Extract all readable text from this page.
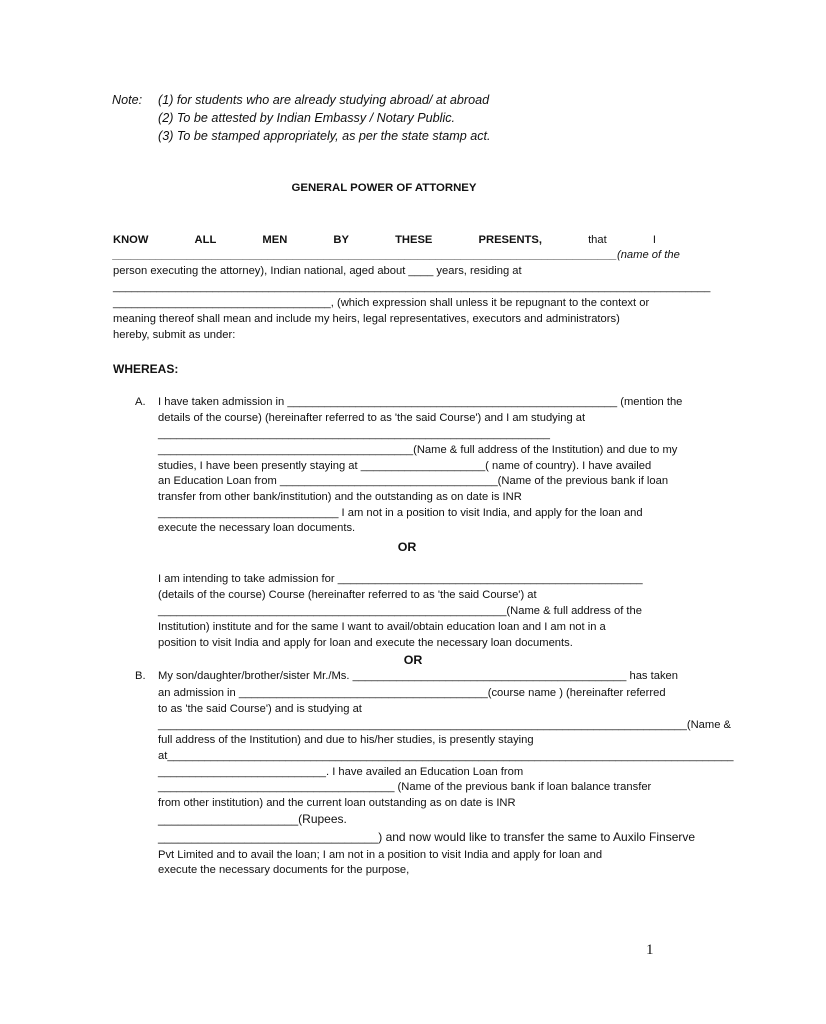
Note: (1) for students who are already studying abroad/ at abroad
(2) To be attested by Indian Embassy / Notary Public.
(3) To be stamped appropriately, as per the state stamp act.
GENERAL POWER OF ATTORNEY
KNOW	ALL	MEN	BY	THESE	PRESENTS,	that	I
_________________________________________________________________________________(name of the
person executing the attorney), Indian national, aged about ____ years, residing at
________________________________________________________________________________________________
___________________________________, (which expression shall unless it be repugnant to the context or
meaning thereof shall mean and include my heirs, legal representatives, executors and administrators)
hereby, submit as under:
WHEREAS:
A. I have taken admission in _____________________________________________________ (mention the
details of the course) (hereinafter referred to as 'the said Course') and I am studying at
_______________________________________________________________
_________________________________________(Name & full address of the Institution) and due to my
studies, I have been presently staying at ____________________( name of country). I have availed
an Education Loan from ___________________________________(Name of the previous bank if loan
transfer from other bank/institution) and the outstanding as on date is INR
_____________________________ I am not in a position to visit India, and apply for the loan and
execute the necessary loan documents.
OR
I am intending to take admission for _________________________________________________
(details of the course) Course (hereinafter referred to as 'the said Course') at
________________________________________________________(Name & full address of the
Institution) institute and for the same I want to avail/obtain education loan and I am not in a
position to visit India and apply for loan and execute the necessary loan documents.
OR
B. My son/daughter/brother/sister Mr./Ms. ____________________________________________ has taken
an admission in ________________________________________(course name ) (hereinafter referred
to as 'the said Course') and is studying at
_____________________________________________________________________________________(Name &
full address of the Institution) and due to his/her studies, is presently staying
at___________________________________________________________________________________________
___________________________. I have availed an Education Loan from
______________________________________ (Name of the previous bank if loan balance transfer
from other institution) and the current loan outstanding as on date is INR
_____________________(Rupees.
_________________________________) and now would like to transfer the same to Auxilo Finserve
Pvt Limited and to avail the loan; I am not in a position to visit India and apply for loan and
execute the necessary documents for the purpose,
1
